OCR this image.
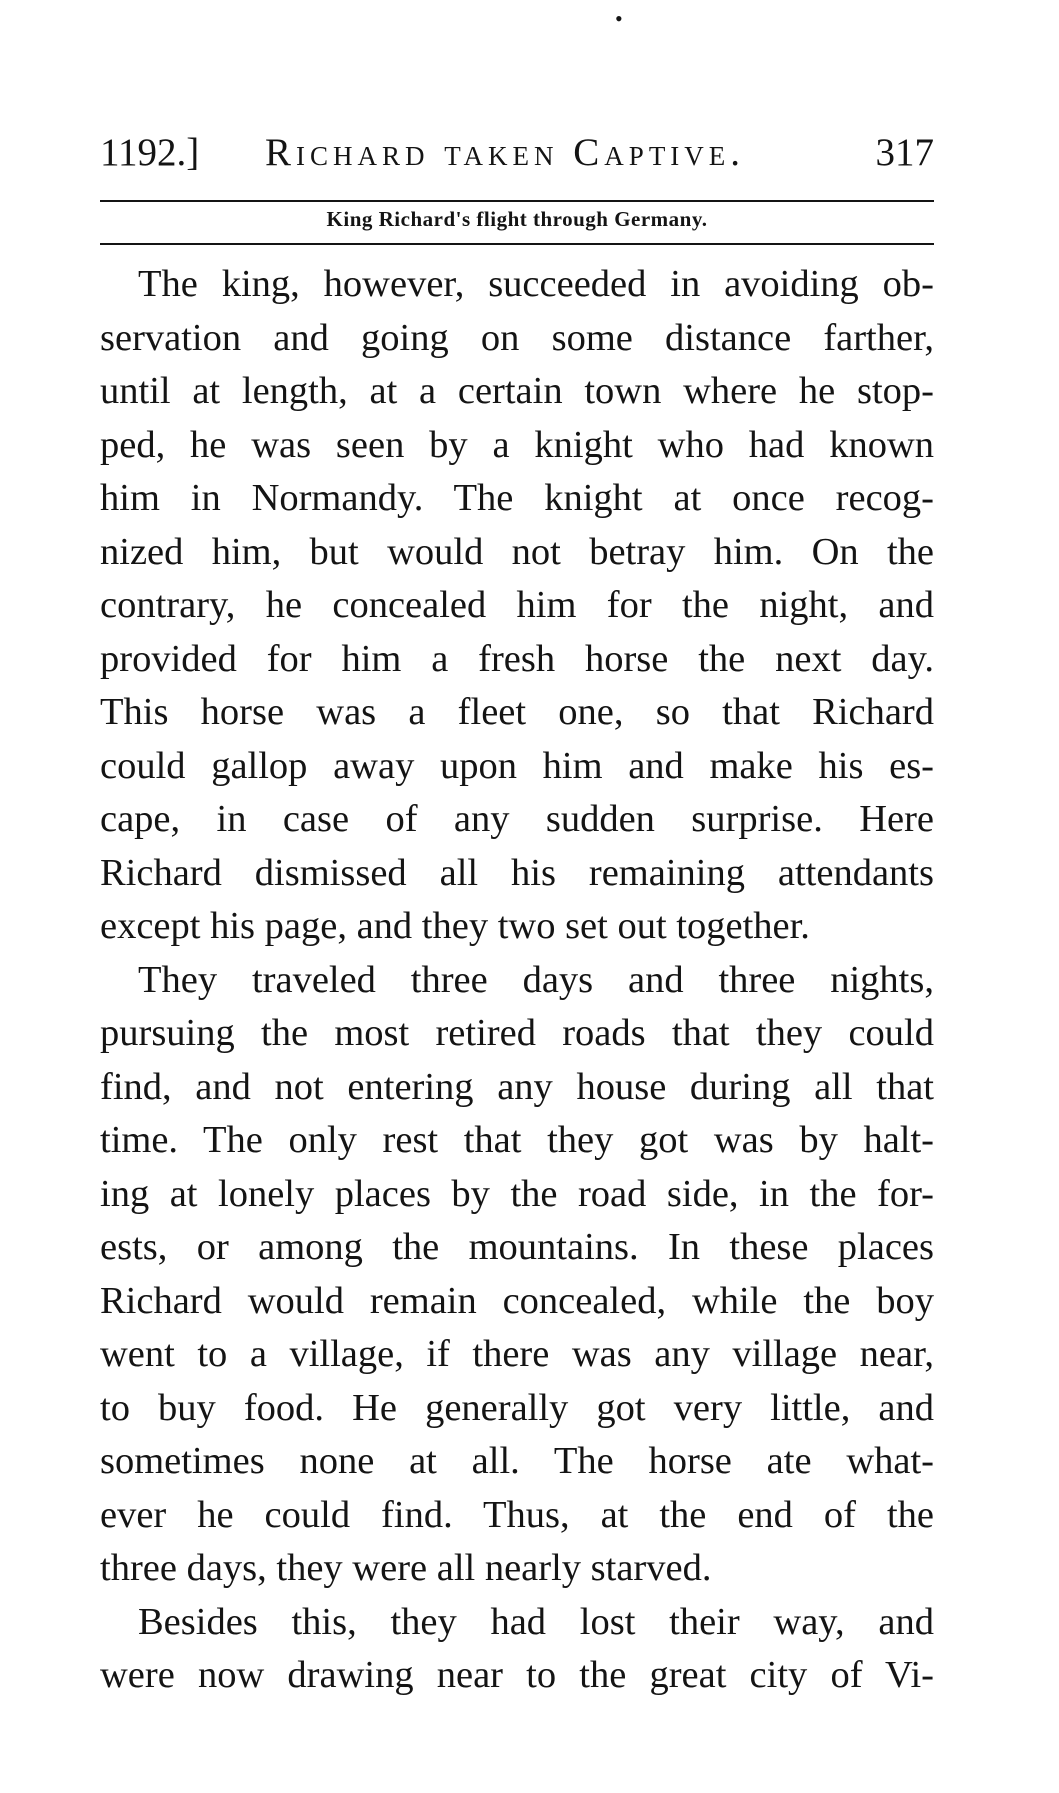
•
1192.]	Richard taken Captive.	317
King Richard's flight through Germany.
The king, however, succeeded in avoiding ob-
servation and going on some distance farther,
until at length, at a certain town where he stop-
ped, he was seen by a knight who had known
him in Normandy. The knight at once recog-
nized him, but would not betray him. On the
contrary, he concealed him for the night, and
provided for him a fresh horse the next day.
This horse was a fleet one, so that Richard
could gallop away upon him and make his es-
cape, in case of any sudden surprise. Here
Richard dismissed all his remaining attendants
except his page, and they two set out together.
They traveled three days and three nights,
pursuing the most retired roads that they could
find, and not entering any house during all that
time. The only rest that they got was by halt-
ing at lonely places by the road side, in the for-
ests, or among the mountains. In these places
Richard would remain concealed, while the boy
went to a village, if there was any village near,
to buy food. He generally got very little, and
sometimes none at all. The horse ate what-
ever he could find. Thus, at the end of the
three days, they were all nearly starved.
Besides this, they had lost their way, and
were now drawing near to the great city of Vi-
